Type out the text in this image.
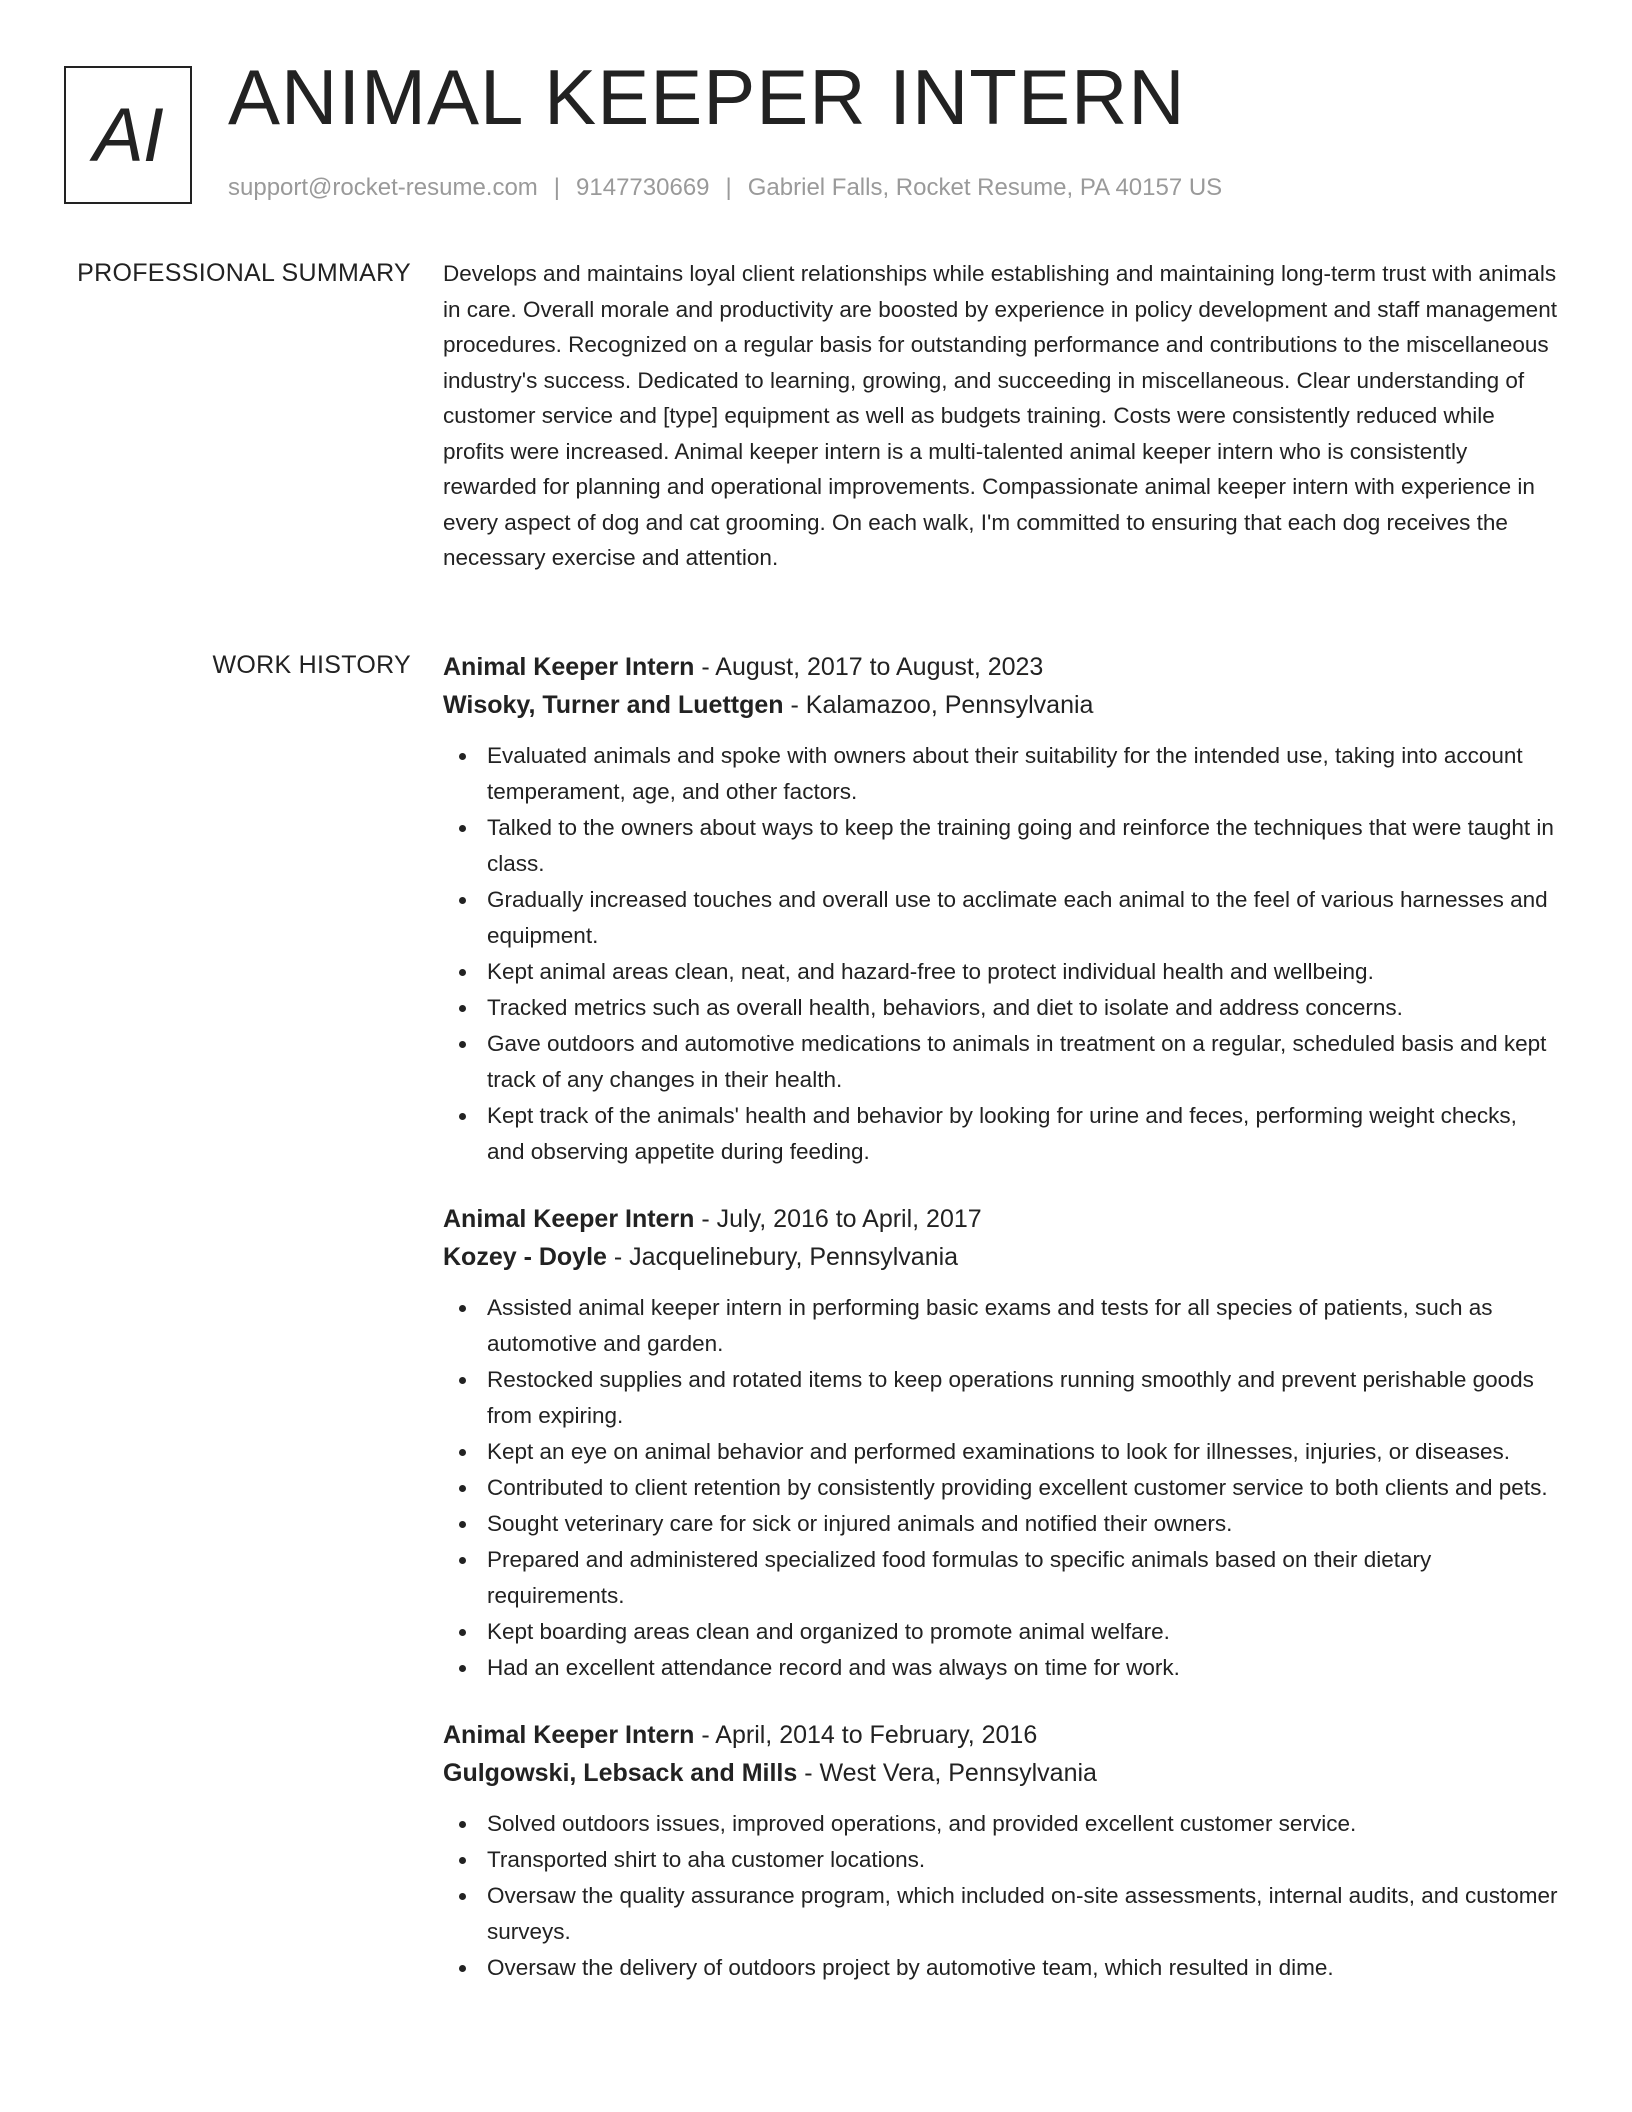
AI ANIMAL KEEPER INTERN
support@rocket-resume.com | 9147730669 | Gabriel Falls, Rocket Resume, PA 40157 US
PROFESSIONAL SUMMARY Develops and maintains loyal client relationships while establishing and maintaining long-term trust with animals in care. Overall morale and productivity are boosted by experience in policy development and staff management procedures. Recognized on a regular basis for outstanding performance and contributions to the miscellaneous industry's success. Dedicated to learning, growing, and succeeding in miscellaneous. Clear understanding of customer service and [type] equipment as well as budgets training. Costs were consistently reduced while profits were increased. Animal keeper intern is a multi-talented animal keeper intern who is consistently rewarded for planning and operational improvements. Compassionate animal keeper intern with experience in every aspect of dog and cat grooming. On each walk, I'm committed to ensuring that each dog receives the necessary exercise and attention.

WORK HISTORY Animal Keeper Intern - August, 2017 to August, 2023
Wisoky, Turner and Luettgen - Kalamazoo, Pennsylvania
Evaluated animals and spoke with owners about their suitability for the intended use, taking into account temperament, age, and other factors.
Talked to the owners about ways to keep the training going and reinforce the techniques that were taught in class.
Gradually increased touches and overall use to acclimate each animal to the feel of various harnesses and equipment.
Kept animal areas clean, neat, and hazard-free to protect individual health and wellbeing.
Tracked metrics such as overall health, behaviors, and diet to isolate and address concerns.
Gave outdoors and automotive medications to animals in treatment on a regular, scheduled basis and kept track of any changes in their health.
Kept track of the animals' health and behavior by looking for urine and feces, performing weight checks, and observing appetite during feeding.
Animal Keeper Intern - July, 2016 to April, 2017
Kozey - Doyle - Jacquelinebury, Pennsylvania
Assisted animal keeper intern in performing basic exams and tests for all species of patients, such as automotive and garden.
Restocked supplies and rotated items to keep operations running smoothly and prevent perishable goods from expiring.
Kept an eye on animal behavior and performed examinations to look for illnesses, injuries, or diseases.
Contributed to client retention by consistently providing excellent customer service to both clients and pets.
Sought veterinary care for sick or injured animals and notified their owners.
Prepared and administered specialized food formulas to specific animals based on their dietary requirements.
Kept boarding areas clean and organized to promote animal welfare.
Had an excellent attendance record and was always on time for work.
Animal Keeper Intern - April, 2014 to February, 2016
Gulgowski, Lebsack and Mills - West Vera, Pennsylvania
Solved outdoors issues, improved operations, and provided excellent customer service.
Transported shirt to aha customer locations.
Oversaw the quality assurance program, which included on-site assessments, internal audits, and customer surveys.
Oversaw the delivery of outdoors project by automotive team, which resulted in dime.
